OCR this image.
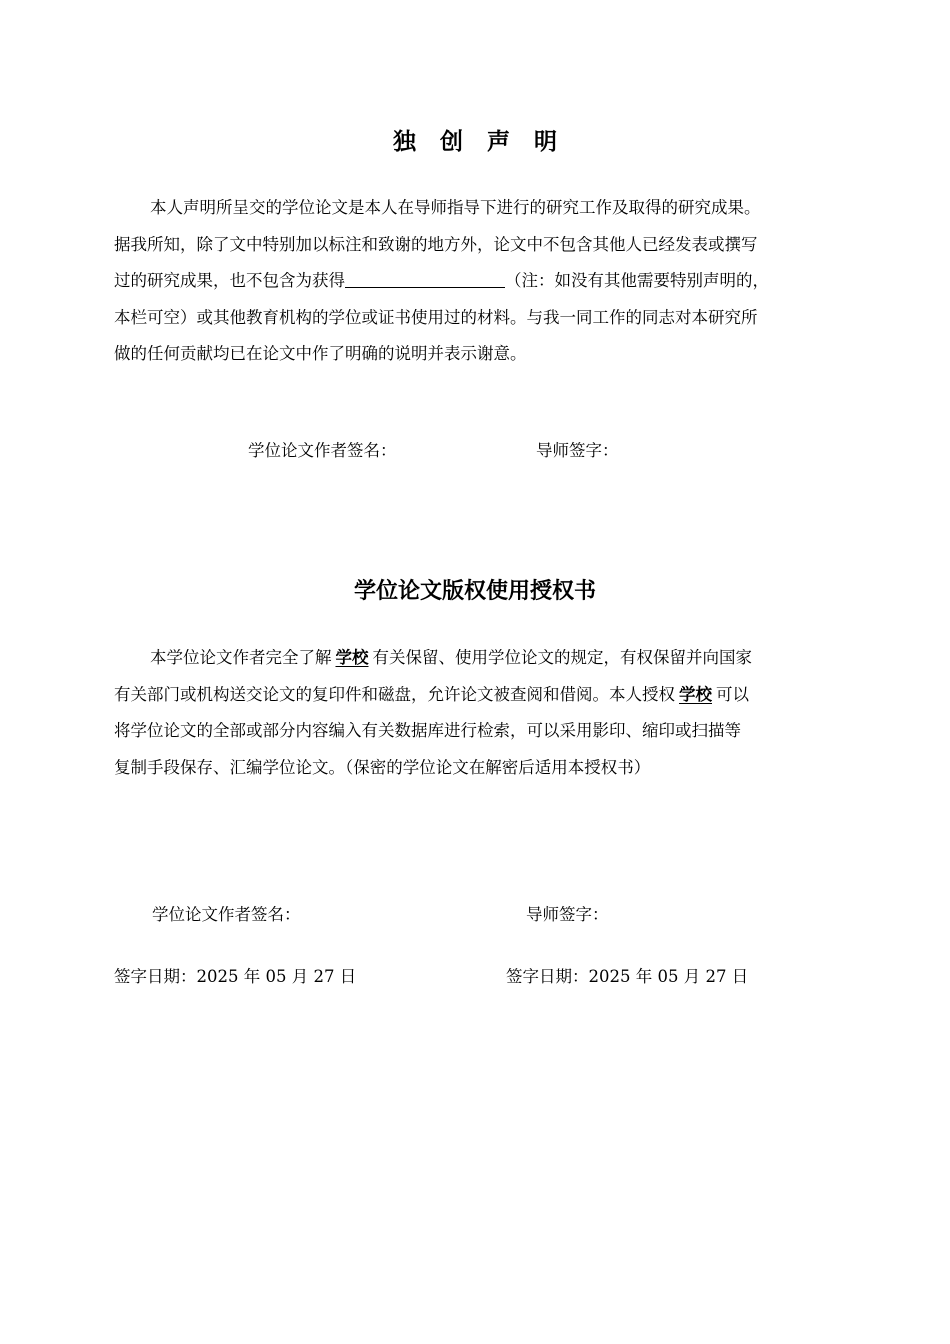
独创声明
本人声明所呈交的学位论文是本人在导师指导下进行的研究工作及取得的研究成果。
据我所知，除了文中特别加以标注和致谢的地方外，论文中不包含其他人已经发表或撰写
过的研究成果，也不包含为获得	（注：如没有其他需要特别声明的，
本栏可空）或其他教育机构的学位或证书使用过的材料。与我一同工作的同志对本研究所
做的任何贡献均已在论文中作了明确的说明并表示谢意。

学位论文作者签名：	导师签字：

学位论文版权使用授权书
本学位论文作者完全了解 学校 有关保留、使用学位论文的规定，有权保留并向国家
有关部门或机构送交论文的复印件和磁盘，允许论文被查阅和借阅。本人授权 学校 可以
将学位论文的全部或部分内容编入有关数据库进行检索，可以采用影印、缩印或扫描等
复制手段保存、汇编学位论文。（保密的学位论文在解密后适用本授权书）

学位论文作者签名：	导师签字：

签字日期：2025 年 05 月 27 日	签字日期：2025 年 05 月 27 日
